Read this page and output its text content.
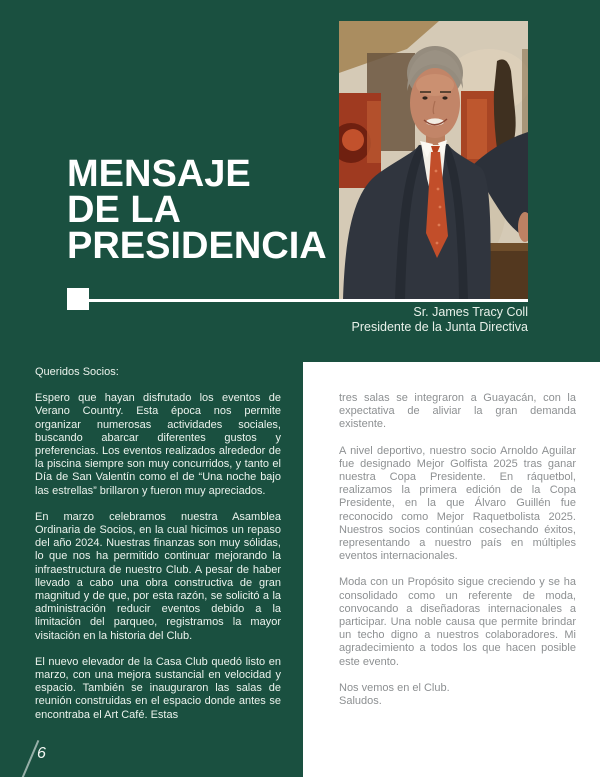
MENSAJE
DE LA
PRESIDENCIA
Sr. James Tracy Coll
Presidente de la Junta Directiva

Queridos Socios:

Espero que hayan disfrutado los eventos de Verano Country. Esta época nos permite organizar numerosas actividades sociales, buscando abarcar diferentes gustos y preferencias. Los eventos realizados alrededor de la piscina siempre son muy concurridos, y tanto el Día de San Valentín como el de “Una noche bajo las estrellas” brillaron y fueron muy apreciados.

En marzo celebramos nuestra Asamblea Ordinaria de Socios, en la cual hicimos un repaso del año 2024. Nuestras finanzas son muy sólidas, lo que nos ha permitido continuar mejorando la infraestructura de nuestro Club. A pesar de haber llevado a cabo una obra constructiva de gran magnitud y de que, por esta razón, se solicitó a la administración reducir eventos debido a la limitación del parqueo, registramos la mayor visitación en la historia del Club.

El nuevo elevador de la Casa Club quedó listo en marzo, con una mejora sustancial en velocidad y espacio. También se inauguraron las salas de reunión construidas en el espacio donde antes se encontraba el Art Café. Estas

tres salas se integraron a Guayacán, con la expectativa de aliviar la gran demanda existente.

A nivel deportivo, nuestro socio Arnoldo Aguilar fue designado Mejor Golfista 2025 tras ganar nuestra Copa Presidente. En ráquetbol, realizamos la primera edición de la Copa Presidente, en la que Álvaro Guillén fue reconocido como Mejor Raquetbolista 2025. Nuestros socios continúan cosechando éxitos, representando a nuestro país en múltiples eventos internacionales.

Moda con un Propósito sigue creciendo y se ha consolidado como un referente de moda, convocando a diseñadoras internacionales a participar. Una noble causa que permite brindar un techo digno a nuestros colaboradores. Mi agradecimiento a todos los que hacen posible este evento.

Nos vemos en el Club.
Saludos.

6
